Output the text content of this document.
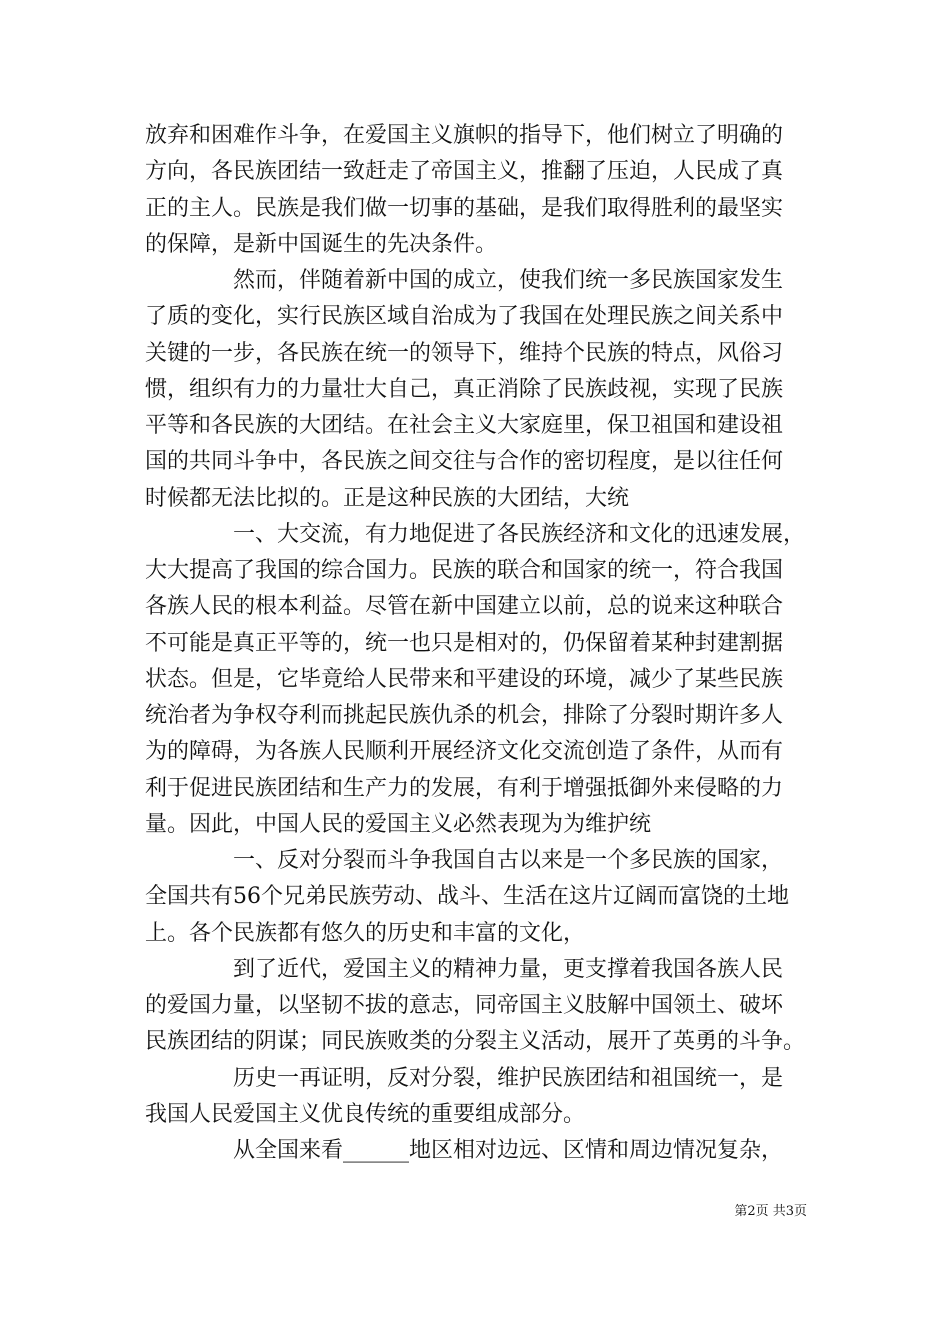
放弃和困难作斗争，在爱国主义旗帜的指导下，他们树立了明确的
方向，各民族团结一致赶走了帝国主义，推翻了压迫，人民成了真
正的主人。民族是我们做一切事的基础，是我们取得胜利的最坚实
的保障，是新中国诞生的先决条件。
　　　　然而，伴随着新中国的成立，使我们统一多民族国家发生
了质的变化，实行民族区域自治成为了我国在处理民族之间关系中
关键的一步，各民族在统一的领导下，维持个民族的特点，风俗习
惯，组织有力的力量壮大自己，真正消除了民族歧视，实现了民族
平等和各民族的大团结。在社会主义大家庭里，保卫祖国和建设祖
国的共同斗争中，各民族之间交往与合作的密切程度，是以往任何
时候都无法比拟的。正是这种民族的大团结，大统
　　　　一、大交流，有力地促进了各民族经济和文化的迅速发展，
大大提高了我国的综合国力。民族的联合和国家的统一，符合我国
各族人民的根本利益。尽管在新中国建立以前，总的说来这种联合
不可能是真正平等的，统一也只是相对的，仍保留着某种封建割据
状态。但是，它毕竟给人民带来和平建设的环境，减少了某些民族
统治者为争权夺利而挑起民族仇杀的机会，排除了分裂时期许多人
为的障碍，为各族人民顺利开展经济文化交流创造了条件，从而有
利于促进民族团结和生产力的发展，有利于增强抵御外来侵略的力
量。因此，中国人民的爱国主义必然表现为为维护统
　　　　一、反对分裂而斗争我国自古以来是一个多民族的国家，
全国共有56个兄弟民族劳动、战斗、生活在这片辽阔而富饶的土地
上。各个民族都有悠久的历史和丰富的文化，
　　　　到了近代，爱国主义的精神力量，更支撑着我国各族人民
的爱国力量，以坚韧不拔的意志，同帝国主义肢解中国领土、破坏
民族团结的阴谋；同民族败类的分裂主义活动，展开了英勇的斗争。
　　　　历史一再证明，反对分裂，维护民族团结和祖国统一，是
我国人民爱国主义优良传统的重要组成部分。
　　　　从全国来看______地区相对边远、区情和周边情况复杂，
第2页 共3页
